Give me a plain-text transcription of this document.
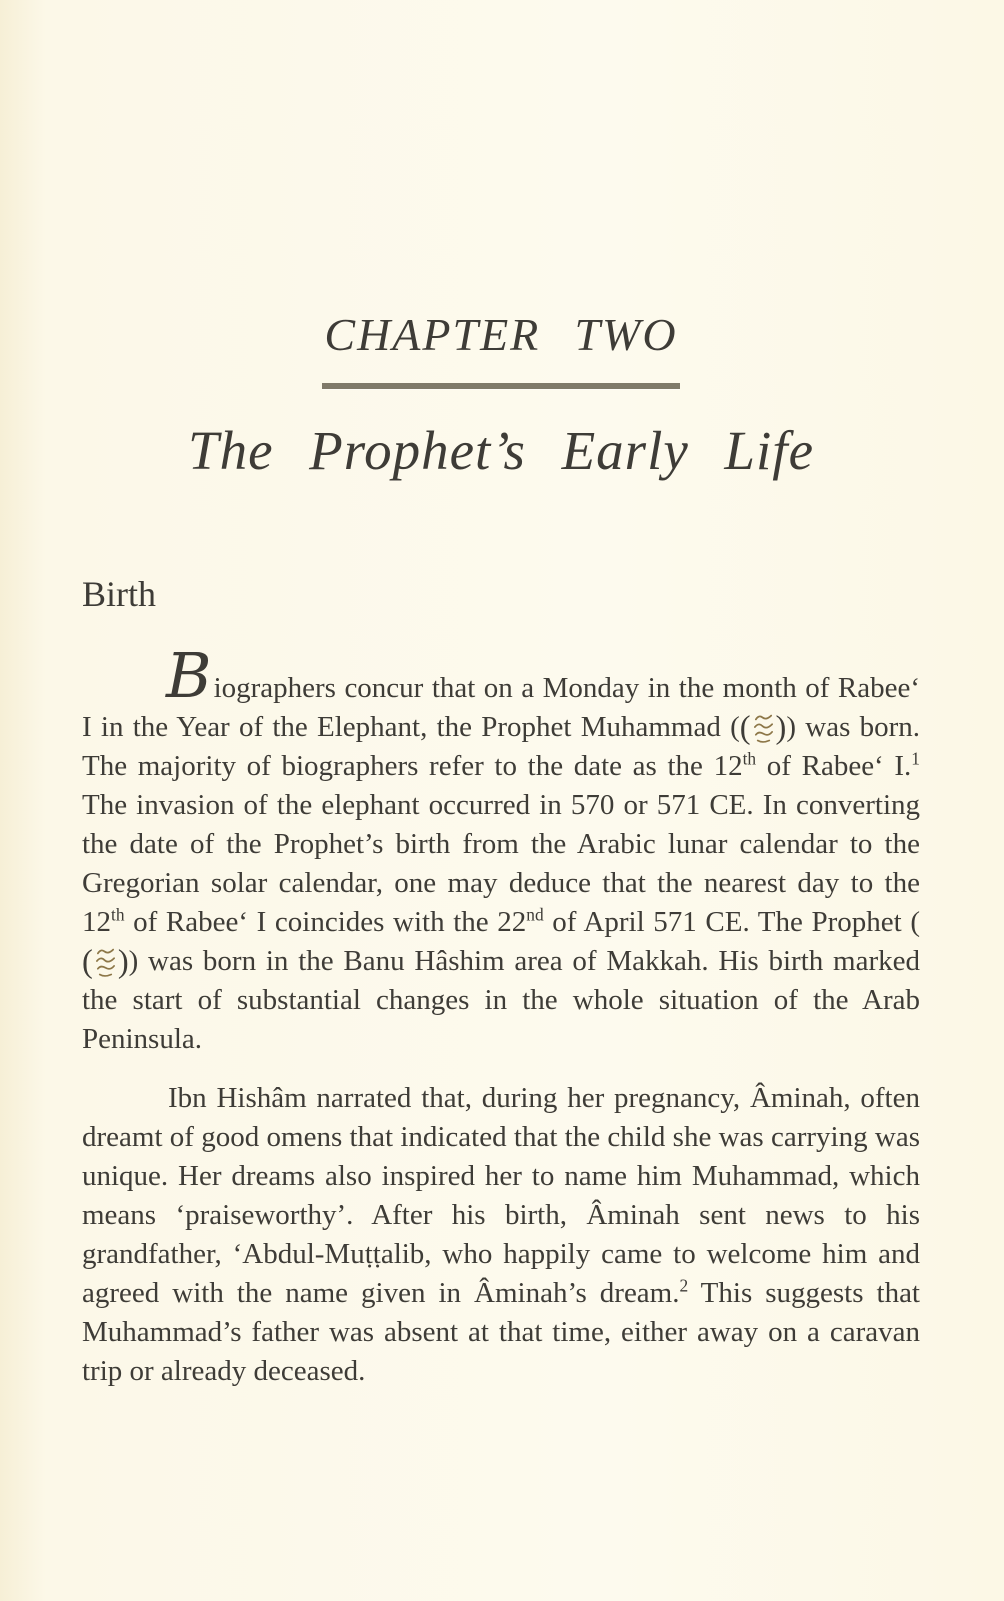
CHAPTER TWO
The Prophet’s Early Life
Birth

Biographers concur that on a Monday in the month of Rabee‘ I in the Year of the Elephant, the Prophet Muhammad (( )) was born. The majority of biographers refer to the date as the 12th of Rabee‘ I.$^1$ The invasion of the elephant occurred in 570 or 571 CE. In converting the date of the Prophet’s birth from the Arabic lunar calendar to the Gregorian solar calendar, one may deduce that the nearest day to the 12th of Rabee‘ I coincides with the 22nd of April 571 CE. The Prophet (( )) was born in the Banu Hâshim area of Makkah. His birth marked the start of substantial changes in the whole situation of the Arab Peninsula.

Ibn Hishâm narrated that, during her pregnancy, Âminah, often dreamt of good omens that indicated that the child she was carrying was unique. Her dreams also inspired her to name him Muhammad, which means ‘praiseworthy’. After his birth, Âminah sent news to his grandfather, ‘Abdul-Muṭṭalib, who happily came to welcome him and agreed with the name given in Âminah’s dream.$^2$ This suggests that Muhammad’s father was absent at that time, either away on a caravan trip or already deceased.
